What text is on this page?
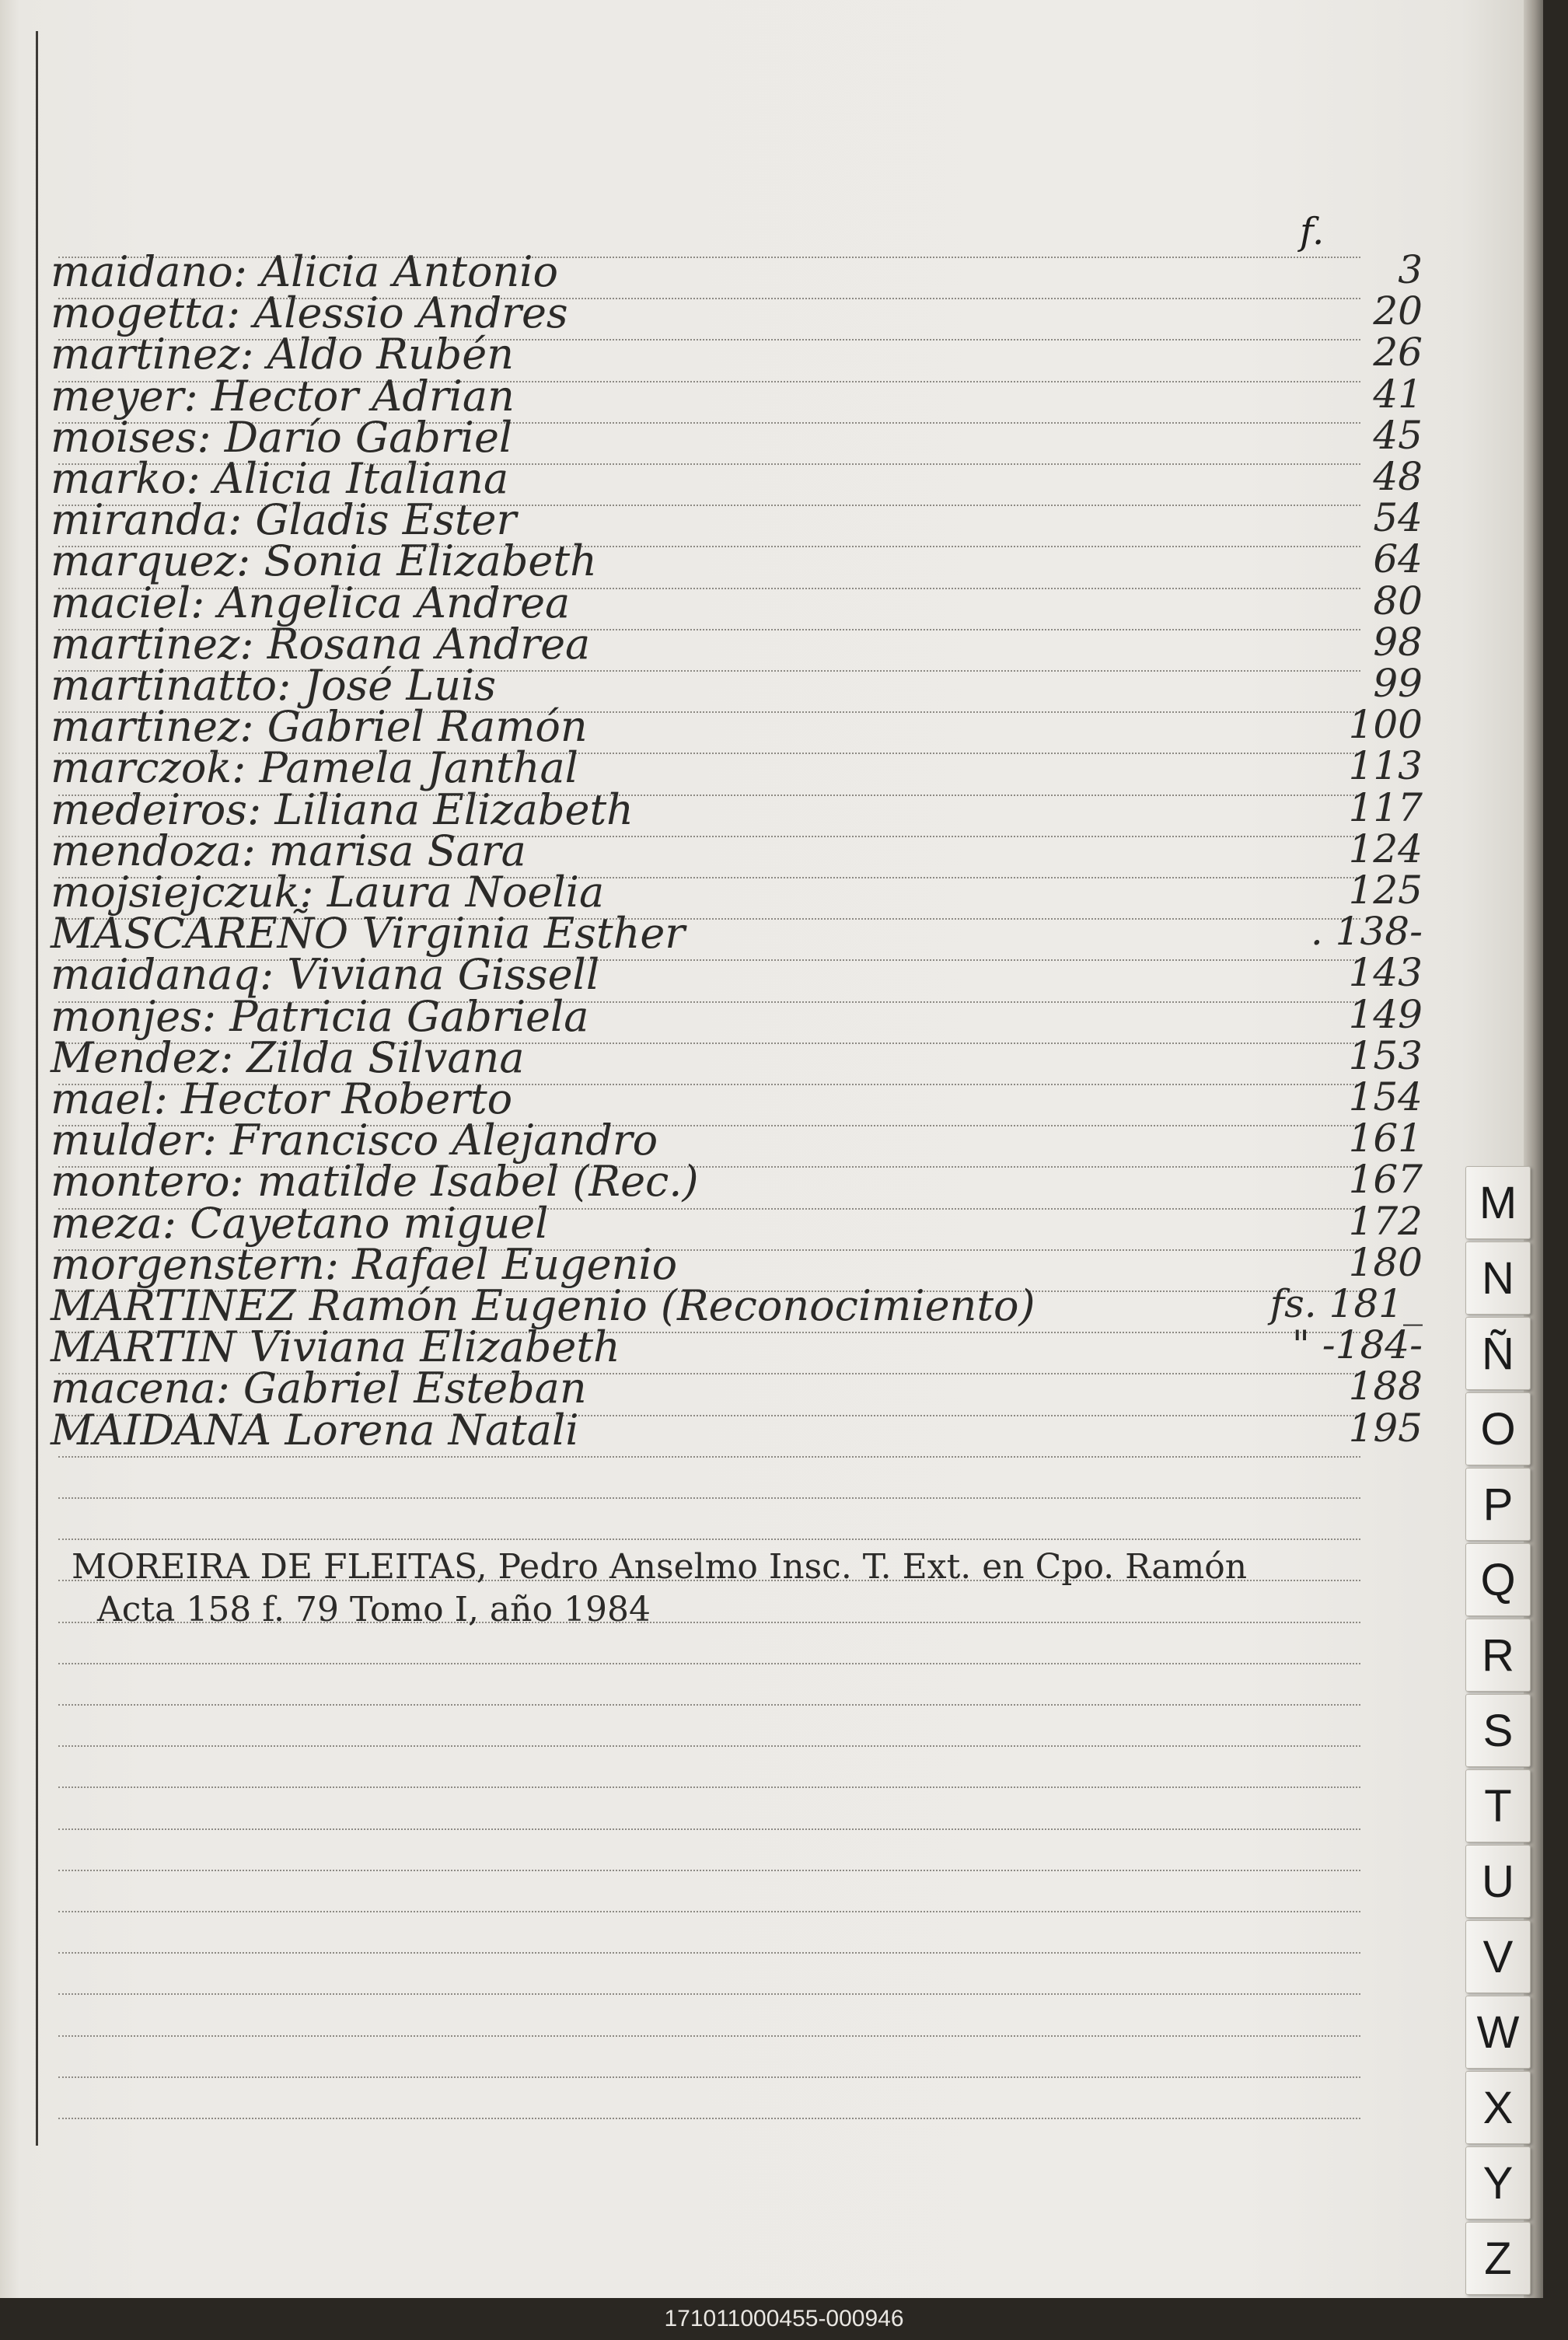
f.
maidano: Alicia Antonio	3
mogetta: Alessio Andres	20
martinez: Aldo Rubén	26
meyer: Hector Adrian	41
moises: Darío Gabriel	45
marko: Alicia Italiana	48
miranda: Gladis Ester	54
marquez: Sonia Elizabeth	64
maciel: Angelica Andrea	80
martinez: Rosana Andrea	98
martinatto: José Luis	99
martinez: Gabriel Ramón	100
marczok: Pamela Janthal	113
medeiros: Liliana Elizabeth	117
mendoza: marisa Sara	124
mojsiejczuk: Laura Noelia	125
MASCAREÑO Virginia Esther	. 138-
maidanaq: Viviana Gissell	143
monjes: Patricia Gabriela	149
Mendez: Zilda Silvana	153
mael: Hector Roberto	154
mulder: Francisco Alejandro	161
montero: matilde Isabel (Rec.)	167
meza: Cayetano miguel	172
morgenstern: Rafael Eugenio	180
MARTINEZ Ramón Eugenio (Reconocimiento)	fs. 181_
MARTIN Viviana Elizabeth	" -184-
macena: Gabriel Esteban	188
MAIDANA Lorena Natali	195
MOREIRA DE FLEITAS, Pedro Anselmo Insc. T. Ext. en Cpo. Ramón
Acta 158 f. 79 Tomo I, año 1984
M
N
Ñ
O
P
Q
R
S
T
U
V
W
X
Y
Z
171011000455-000946
